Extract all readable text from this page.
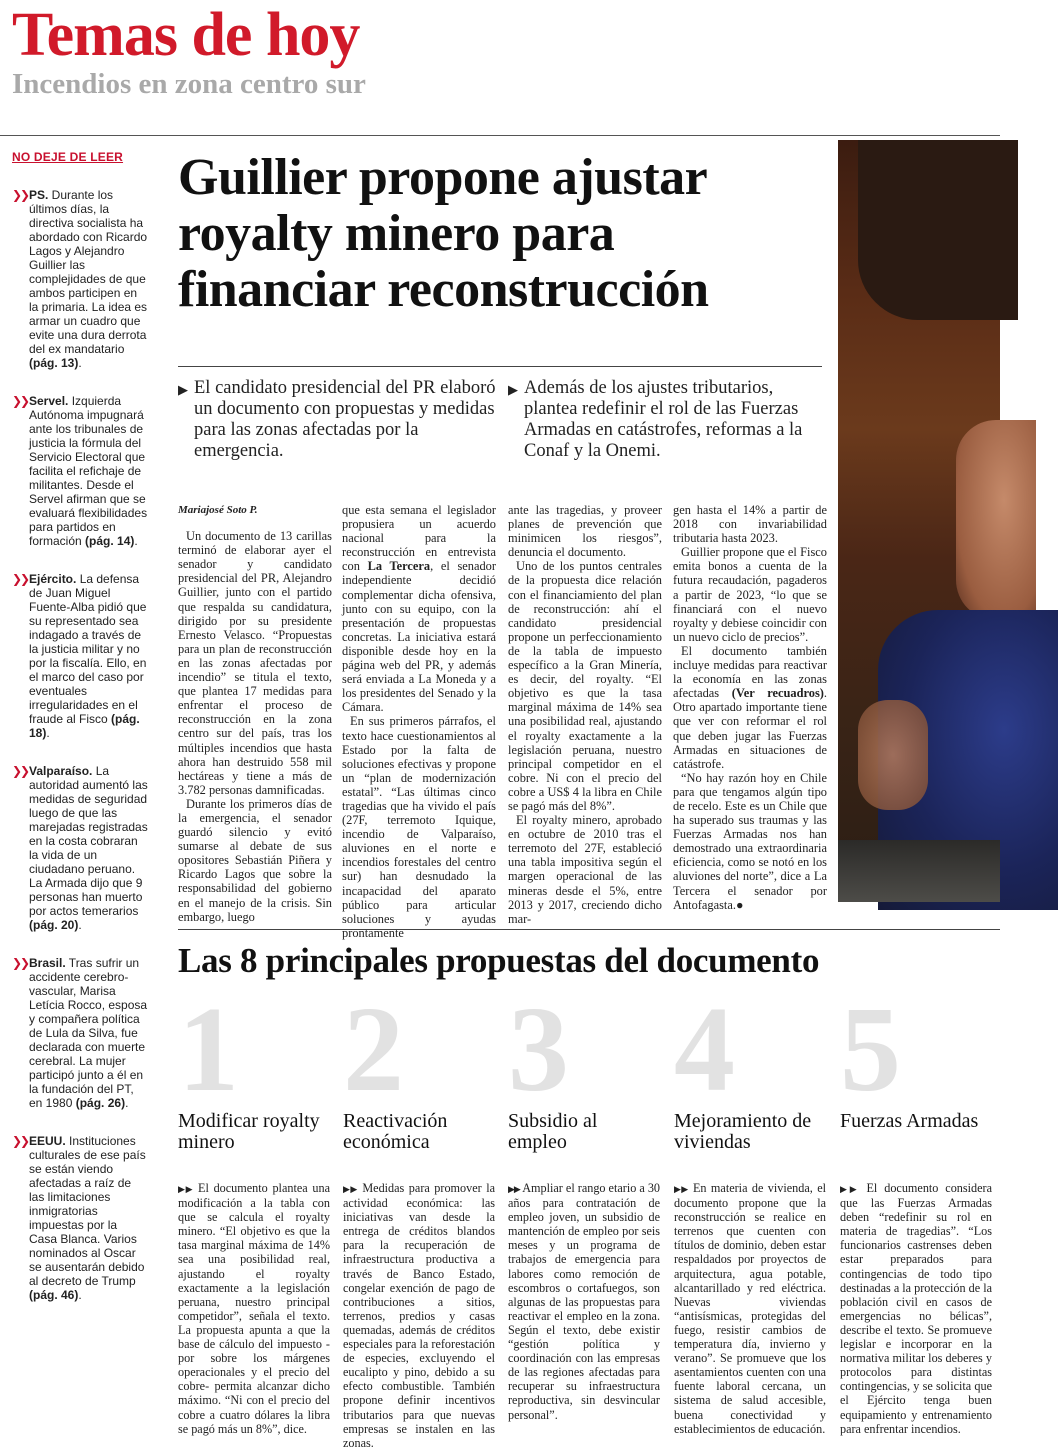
Temas de hoy
Incendios en zona centro sur
NO DEJE DE LEER
❯❯ PS. Durante los últimos días, la directiva socialista ha abordado con Ricardo Lagos y Alejandro Guillier las complejidades de que ambos participen en la primaria. La idea es armar un cuadro que evite una dura derrota del ex mandatario (pág. 13).
❯❯ Servel. Izquierda Autónoma impugnará ante los tribunales de justicia la fórmula del Servicio Electoral que facilita el refichaje de militantes. Desde el Servel afirman que se evaluará flexibilidades para partidos en formación (pág. 14).
❯❯ Ejército. La defensa de Juan Miguel Fuente-Alba pidió que su representado sea indagado a través de la justicia militar y no por la fiscalía. Ello, en el marco del caso por eventuales irregularidades en el fraude al Fisco (pág. 18).
❯❯ Valparaíso. La autoridad aumentó las medidas de seguridad luego de que las marejadas registradas en la costa cobraran la vida de un ciudadano peruano. La Armada dijo que 9 personas han muerto por actos temerarios (pág. 20).
❯❯ Brasil. Tras sufrir un accidente cerebro-vascular, Marisa Letícia Rocco, esposa y compañera política de Lula da Silva, fue declarada con muerte cerebral. La mujer participó junto a él en la fundación del PT, en 1980 (pág. 26).
❯❯ EEUU. Instituciones culturales de ese país se están viendo afectadas a raíz de las limitaciones inmigratorias impuestas por la Casa Blanca. Varios nominados al Oscar se ausentarán debido al decreto de Trump (pág. 46).
Guillier propone ajustar royalty minero para financiar reconstrucción
▶ El candidato presidencial del PR elaboró un documento con propuestas y medidas para las zonas afectadas por la emergencia.
▶ Además de los ajustes tributarios, plantea redefinir el rol de las Fuerzas Armadas en catástrofes, reformas a la Conaf y la Onemi.

Mariajosé Soto P.

Un documento de 13 carillas terminó de elaborar ayer el senador y candidato presidencial del PR, Alejandro Guillier, junto con el partido que respalda su candidatura, dirigido por su presidente Ernesto Velasco. “Propuestas para un plan de reconstrucción en las zonas afectadas por incendio” se titula el texto, que plantea 17 medidas para enfrentar el proceso de reconstrucción en la zona centro sur del país, tras los múltiples incendios que hasta ahora han destruido 558 mil hectáreas y tiene a más de 3.782 personas damnificadas.

Durante los primeros días de la emergencia, el senador guardó silencio y evitó sumarse al debate de sus opositores Sebastián Piñera y Ricardo Lagos que sobre la responsabilidad del gobierno en el manejo de la crisis. Sin embargo, luego

que esta semana el legislador propusiera un acuerdo nacional para la reconstrucción en entrevista con La Tercera, el senador independiente decidió complementar dicha ofensiva, junto con su equipo, con la presentación de propuestas concretas. La iniciativa estará disponible desde hoy en la página web del PR, y además será enviada a La Moneda y a los presidentes del Senado y la Cámara.

En sus primeros párrafos, el texto hace cuestionamientos al Estado por la falta de soluciones efectivas y propone un “plan de modernización estatal”. “Las últimas cinco tragedias que ha vivido el país (27F, terremoto Iquique, incendio de Valparaíso, aluviones en el norte e incendios forestales del centro sur) han desnudado la incapacidad del aparato público para articular soluciones y ayudas prontamente

ante las tragedias, y proveer planes de prevención que minimicen los riesgos”, denuncia el documento.

Uno de los puntos centrales de la propuesta dice relación con el financiamiento del plan de reconstrucción: ahí el candidato presidencial propone un perfeccionamiento de la tabla de impuesto específico a la Gran Minería, es decir, del royalty. “El objetivo es que la tasa marginal máxima de 14% sea una posibilidad real, ajustando el royalty exactamente a la legislación peruana, nuestro principal competidor en el cobre. Ni con el precio del cobre a US$ 4 la libra en Chile se pagó más del 8%”.

El royalty minero, aprobado en octubre de 2010 tras el terremoto del 27F, estableció una tabla impositiva según el margen operacional de las mineras desde el 5%, entre 2013 y 2017, creciendo dicho mar-

gen hasta el 14% a partir de 2018 con invariabilidad tributaria hasta 2023.

Guillier propone que el Fisco emita bonos a cuenta de la futura recaudación, pagaderos a partir de 2023, “lo que se financiará con el nuevo royalty y debiese coincidir con un nuevo ciclo de precios”.

El documento también incluye medidas para reactivar la economía en las zonas afectadas (Ver recuadros). Otro apartado importante tiene que ver con reformar el rol que deben jugar las Fuerzas Armadas en situaciones de catástrofe.

“No hay razón hoy en Chile para que tengamos algún tipo de recelo. Este es un Chile que ha superado sus traumas y las Fuerzas Armadas nos han demostrado una extraordinaria eficiencia, como se notó en los aluviones del norte”, dice a La Tercera el senador por Antofagasta.●

Las 8 principales propuestas del documento
1
Modificar royalty minero
▶▶ El documento plantea una modificación a la tabla con que se calcula el royalty minero. “El objetivo es que la tasa marginal máxima de 14% sea una posibilidad real, ajustando el royalty exactamente a la legislación peruana, nuestro principal competidor”, señala el texto. La propuesta apunta a que la base de cálculo del impuesto -por sobre los márgenes operacionales y el precio del cobre- permita alcanzar dicho máximo. “Ni con el precio del cobre a cuatro dólares la libra se pagó más un 8%”, dice.
2
Reactivación económica
▶▶ Medidas para promover la actividad económica: las iniciativas van desde la entrega de créditos blandos para la recuperación de infraestructura productiva a través de Banco Estado, congelar exención de pago de contribuciones a sitios, terrenos, predios y casas quemadas, además de créditos especiales para la reforestación de especies, excluyendo el eucalipto y pino, debido a su efecto combustible. También propone definir incentivos tributarios para que nuevas empresas se instalen en las zonas.
3
Subsidio al empleo
▶▶ Ampliar el rango etario a 30 años para contratación de empleo joven, un subsidio de mantención de empleo por seis meses y un programa de trabajos de emergencia para labores como remoción de escombros o cortafuegos, son algunas de las propuestas para reactivar el empleo en la zona. Según el texto, debe existir “gestión política y coordinación con las empresas de las regiones afectadas para recuperar su infraestructura reproductiva, sin desvincular personal”.
4
Mejoramiento de viviendas
▶▶ En materia de vivienda, el documento propone que la reconstrucción se realice en terrenos que cuenten con títulos de dominio, deben estar respaldados por proyectos de arquitectura, agua potable, alcantarillado y red eléctrica. Nuevas viviendas “antisísmicas, protegidas del fuego, resistir cambios de temperatura día, invierno y verano”. Se promueve que los asentamientos cuenten con una fuente laboral cercana, un sistema de salud accesible, buena conectividad y establecimientos de educación.
5
Fuerzas Armadas
▶▶ El documento considera que las Fuerzas Armadas deben “redefinir su rol en materia de tragedias”. “Los funcionarios castrenses deben estar preparados para contingencias de todo tipo destinadas a la protección de la población civil en casos de emergencias no bélicas”, describe el texto. Se promueve legislar e incorporar en la normativa militar los deberes y protocolos para distintas contingencias, y se solicita que el Ejército tenga buen equipamiento y entrenamiento para enfrentar incendios.
